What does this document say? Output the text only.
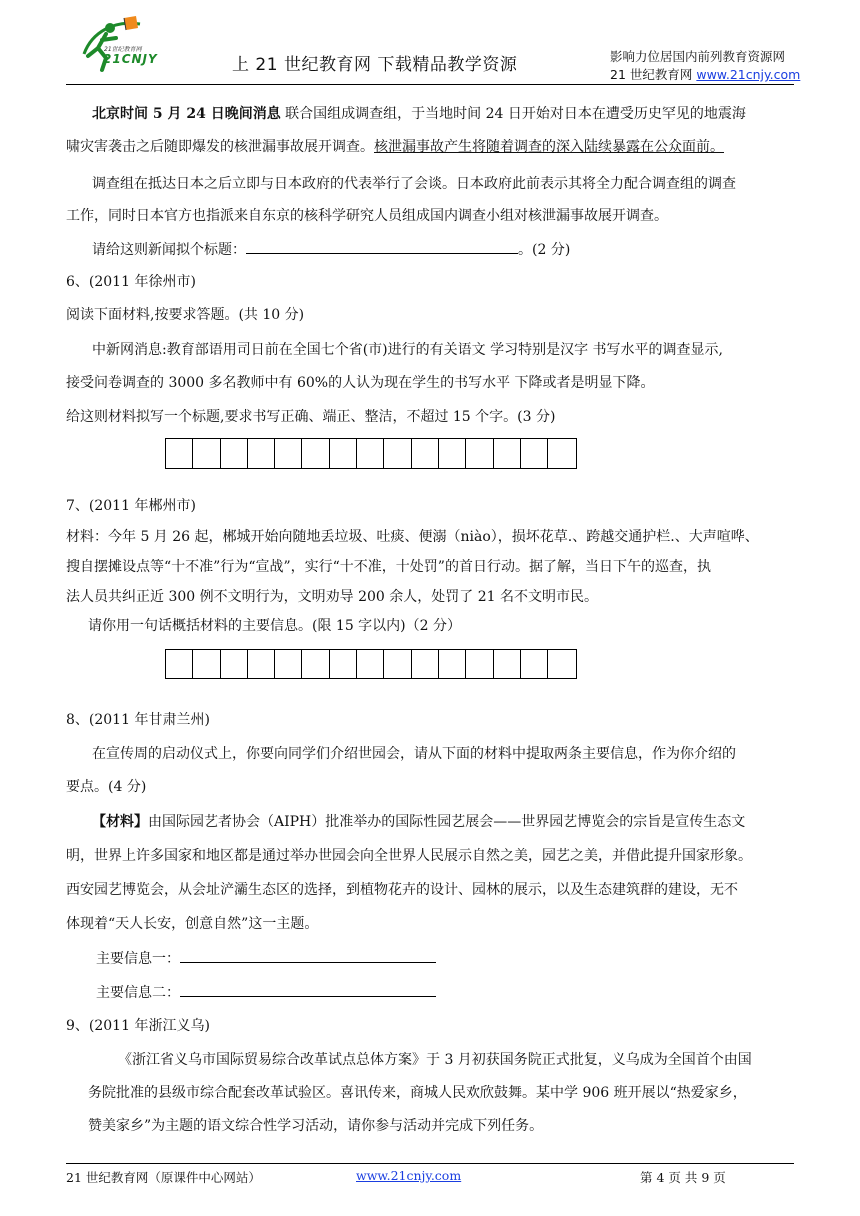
21世纪教育网
21CNJY	上 21 世纪教育网 下载精品教学资源	影响力位居国内前列教育资源网
21 世纪教育网 www.21cnjy.com
北京时间 5 月 24 日晚间消息 联合国组成调查组，于当地时间 24 日开始对日本在遭受历史罕见的地震海
啸灾害袭击之后随即爆发的核泄漏事故展开调查。核泄漏事故产生将随着调查的深入陆续暴露在公众面前。
调查组在抵达日本之后立即与日本政府的代表举行了会谈。日本政府此前表示其将全力配合调查组的调查
工作，同时日本官方也指派来自东京的核科学研究人员组成国内调查小组对核泄漏事故展开调查。
请给这则新闻拟个标题：	。(2 分)
6、(2011 年徐州市)
阅读下面材料,按要求答题。(共 10 分)
中新网消息:教育部语用司日前在全国七个省(市)进行的有关语文 学习特别是汉字 书写水平的调查显示,
接受问卷调查的 3000 多名教师中有 60%的人认为现在学生的书写水平 下降或者是明显下降。
给这则材料拟写一个标题,要求书写正确、端正、整洁，不超过 15 个字。(3 分)
7、(2011 年郴州市)
材料：今年 5 月 26 起，郴城开始向随地丢垃圾、吐痰、便溺（niào），损坏花草.、跨越交通护栏.、大声喧哗、
搜自摆摊设点等“十不准”行为“宣战”，实行“十不准，十处罚”的首日行动。据了解，当日下午的巡查，执
法人员共纠正近 300 例不文明行为，文明劝导 200 余人，处罚了 21 名不文明市民。
请你用一句话概括材料的主要信息。(限 15 字以内)（2 分）
8、(2011 年甘肃兰州)
在宣传周的启动仪式上，你要向同学们介绍世园会，请从下面的材料中提取两条主要信息，作为你介绍的
要点。(4 分)
【材料】由国际园艺者协会（AIPH）批准举办的国际性园艺展会——世界园艺博览会的宗旨是宣传生态文
明，世界上许多国家和地区都是通过举办世园会向全世界人民展示自然之美，园艺之美，并借此提升国家形象。
西安园艺博览会，从会址浐灞生态区的选择，到植物花卉的设计、园林的展示，以及生态建筑群的建设，无不
体现着“天人长安，创意自然”这一主题。
主要信息一：
主要信息二：
9、(2011 年浙江义乌)
《浙江省义乌市国际贸易综合改革试点总体方案》于 3 月初获国务院正式批复，义乌成为全国首个由国
务院批准的县级市综合配套改革试验区。喜讯传来，商城人民欢欣鼓舞。某中学 906 班开展以“热爱家乡，
赞美家乡”为主题的语文综合性学习活动，请你参与活动并完成下列任务。
21 世纪教育网（原课件中心网站）	www.21cnjy.com	第 4 页 共 9 页
